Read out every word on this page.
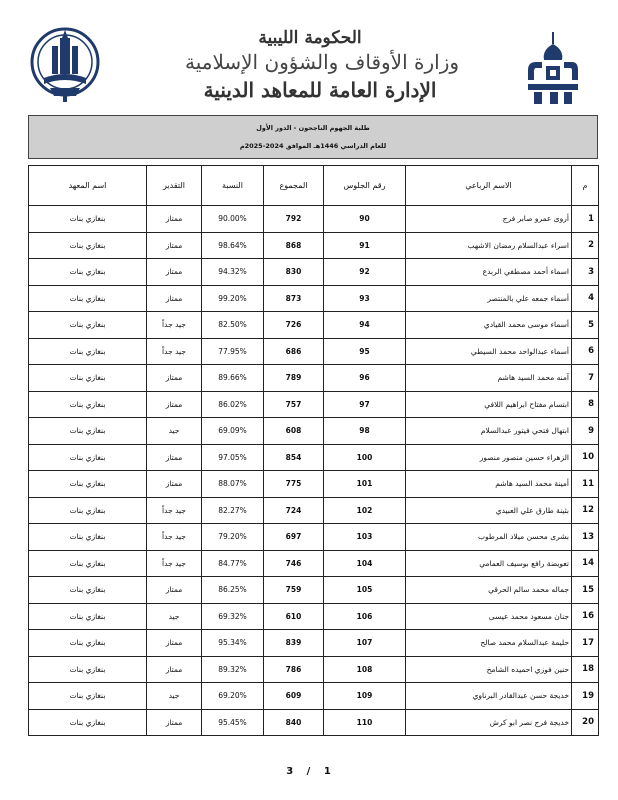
الحكومة الليبية
وزارة الأوقاف والشؤون الإسلامية
الإدارة العامة للمعاهد الدينية
طلبة الجهوم الناجحون - الدور الأول
للعام الدراسي 1446هـ الموافق 2024-2025م
م	الاسم الرباعي	رقم الجلوس	المجموع	النسبة	التقدير	اسم المعهد
1	أروى عمرو صابر فرج	90	792	90.00%	ممتاز	بنغازي بنات
2	اسراء عبدالسلام رمضان الاشهب	91	868	98.64%	ممتاز	بنغازي بنات
3	اسماء أحمد مصطفي الربدع	92	830	94.32%	ممتاز	بنغازي بنات
4	أسماء جمعه علي بالمنتصر	93	873	99.20%	ممتاز	بنغازي بنات
5	أسماء موسى محمد القيادي	94	726	82.50%	جيد جداً	بنغازي بنات
6	أسماء عبدالواحد محمد السيطي	95	686	77.95%	جيد جداً	بنغازي بنات
7	آمنه محمد السيد هاشم	96	789	89.66%	ممتاز	بنغازي بنات
8	ابتسام مفتاح ابراهيم اللافي	97	757	86.02%	ممتاز	بنغازي بنات
9	ابتهال فتحي فيتور عبدالسلام	98	608	69.09%	جيد	بنغازي بنات
10	الزهراء حسين منصور منصور	100	854	97.05%	ممتاز	بنغازي بنات
11	أمينة محمد السيد هاشم	101	775	88.07%	ممتاز	بنغازي بنات
12	بثينة طارق علي العبيدي	102	724	82.27%	جيد جداً	بنغازي بنات
13	بشرى محسن ميلاد المرطوب	103	697	79.20%	جيد جداً	بنغازي بنات
14	تعويضة رافع بوسيف العمامي	104	746	84.77%	جيد جداً	بنغازي بنات
15	جماله محمد سالم الحرقي	105	759	86.25%	ممتاز	بنغازي بنات
16	جنان مسعود محمد عيسى	106	610	69.32%	جيد	بنغازي بنات
17	حليمة عبدالسلام محمد صالح	107	839	95.34%	ممتاز	بنغازي بنات
18	حنين فوزي احميده الشامخ	108	786	89.32%	ممتاز	بنغازي بنات
19	خديجة حسن عبدالقادر البرناوي	109	609	69.20%	جيد	بنغازي بنات
20	خديجة فرج نصر ابو كرش	110	840	95.45%	ممتاز	بنغازي بنات
3 / 1
